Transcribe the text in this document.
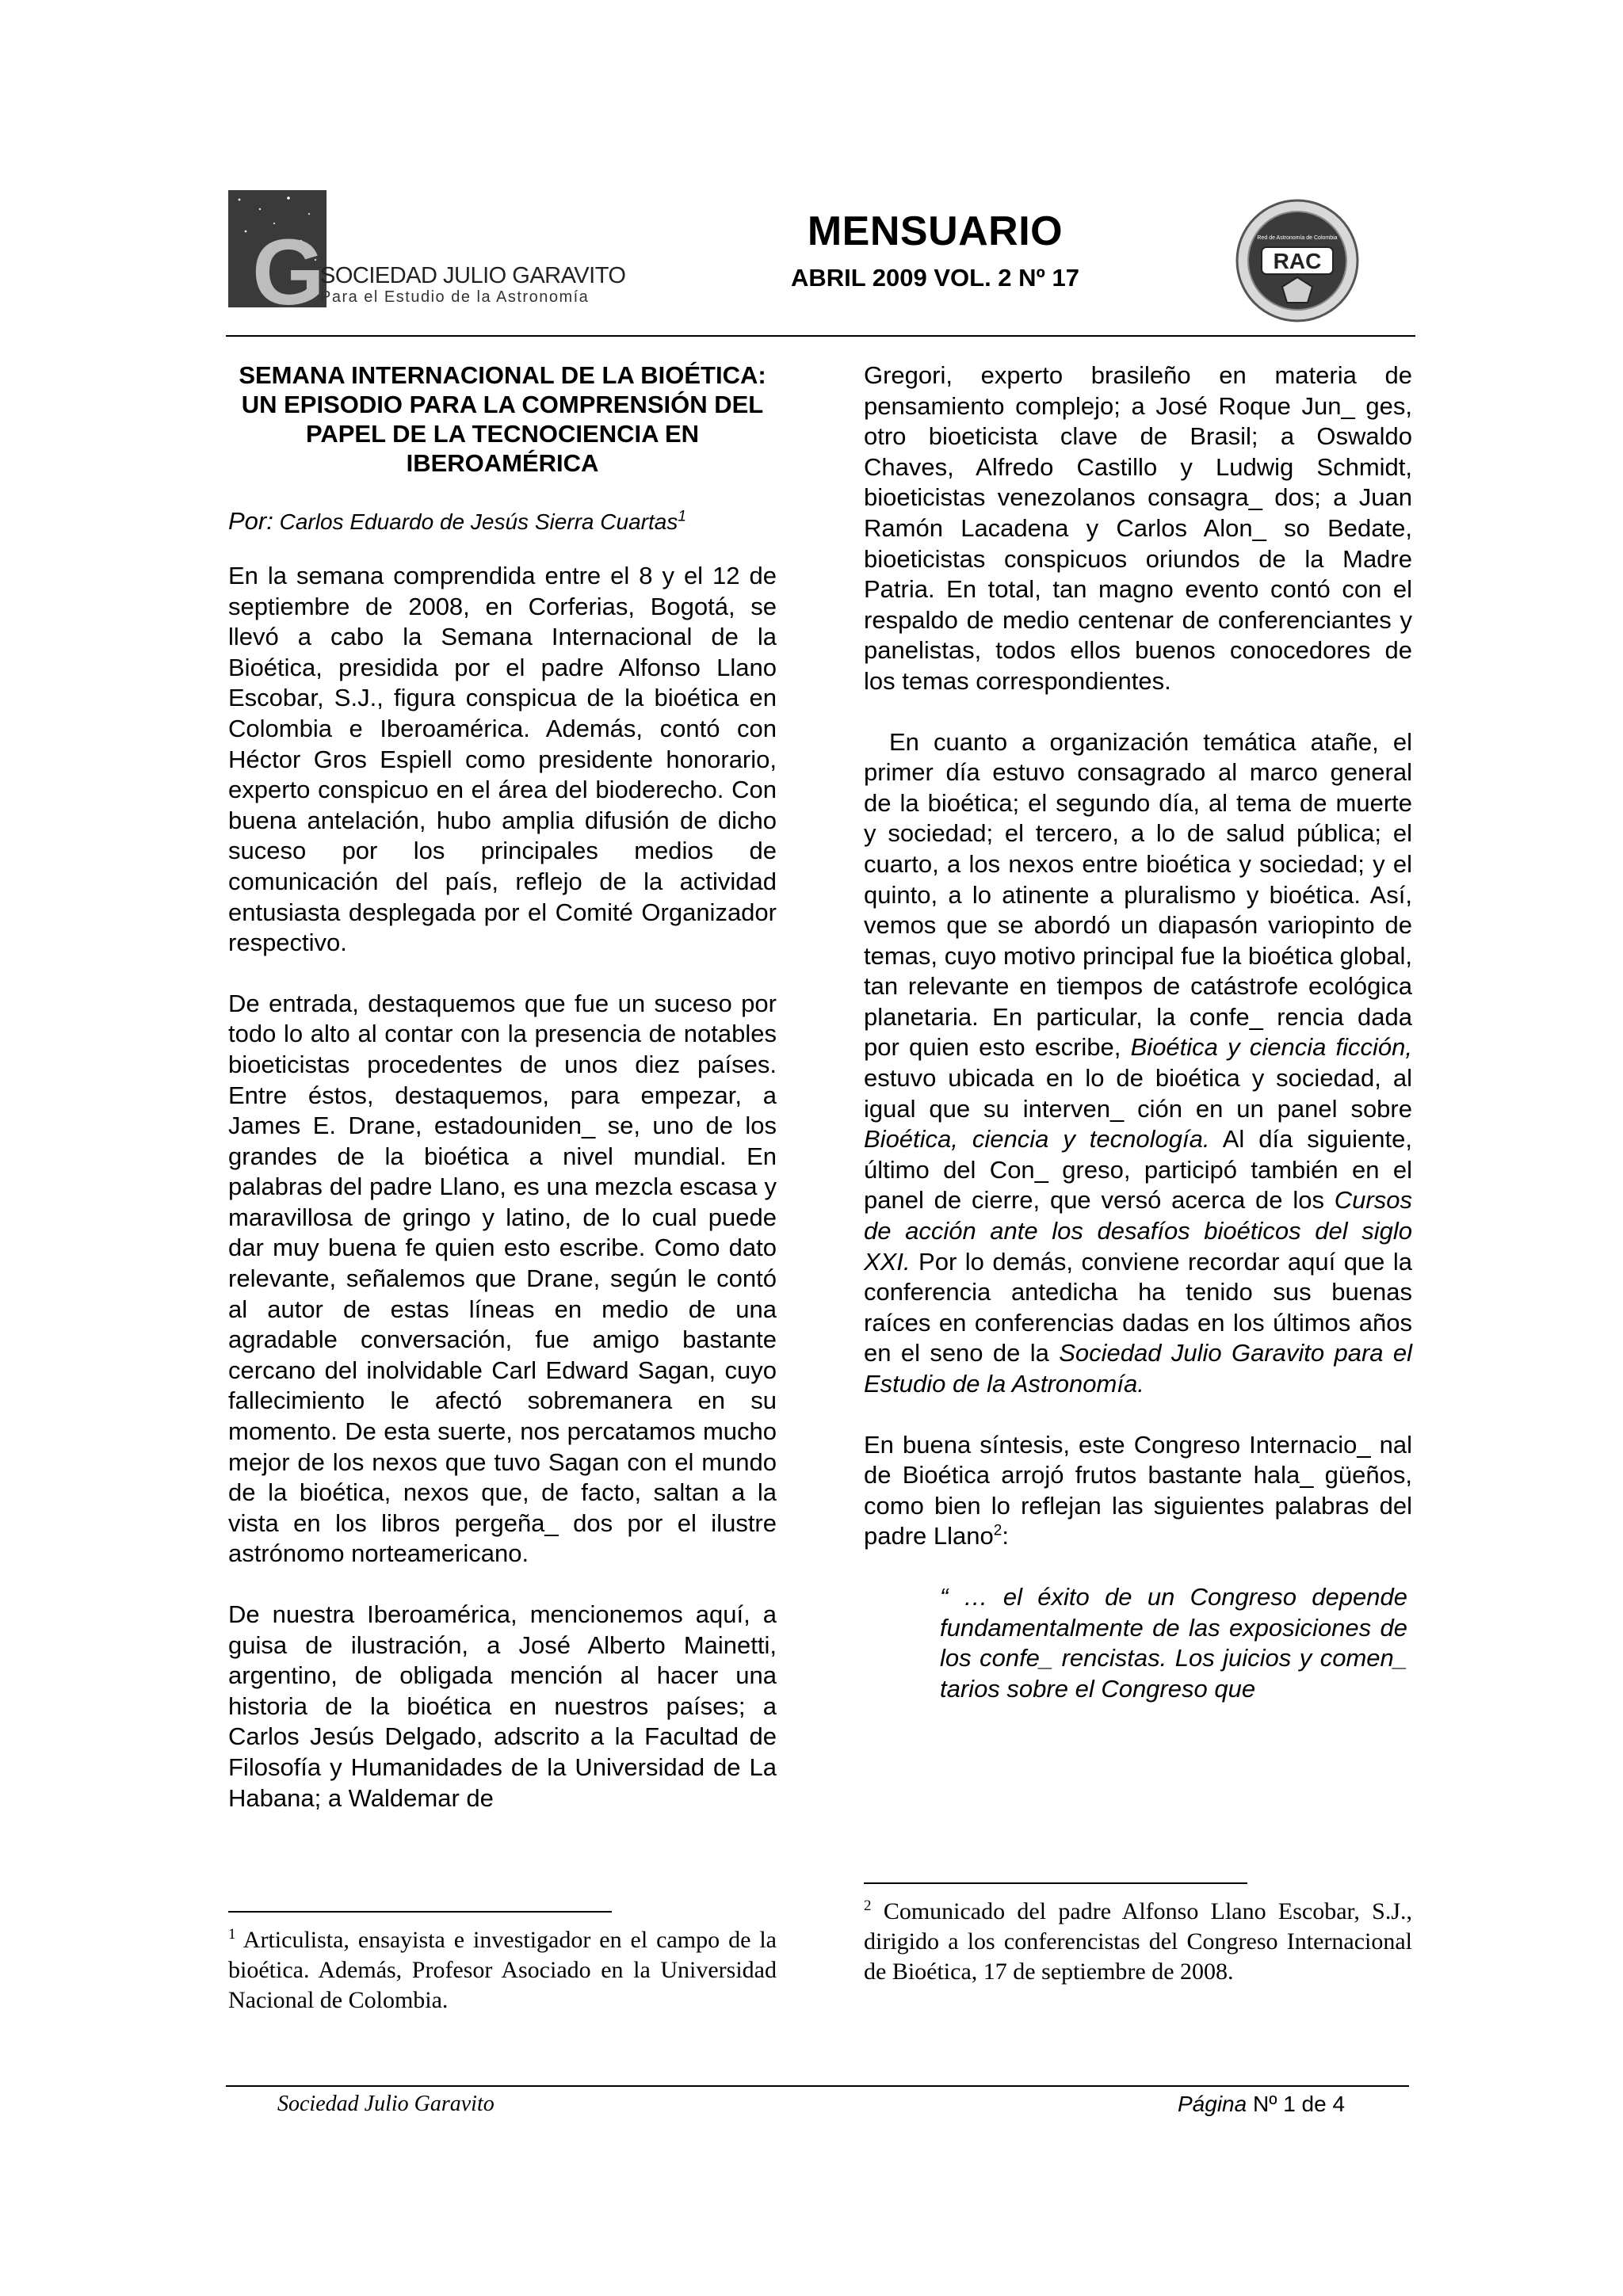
G
SOCIEDAD JULIO GARAVITO
Para el Estudio de la Astronomía
MENSUARIO
ABRIL 2009 VOL. 2 Nº 17
Red de Astronomía de Colombia
RAC
SEMANA INTERNACIONAL DE LA BIOÉTICA: UN EPISODIO PARA LA COMPRENSIÓN DEL PAPEL DE LA TECNOCIENCIA EN IBEROAMÉRICA

Por: Carlos Eduardo de Jesús Sierra Cuartas$^1$

En la semana comprendida entre el 8 y el 12 de septiembre de 2008, en Corferias, Bogotá, se llevó a cabo la Semana Internacional de la Bioética, presidida por el padre Alfonso Llano Escobar, S.J., figura conspicua de la bioética en Colombia e Iberoamérica. Además, contó con Héctor Gros Espiell como presidente honorario, experto conspicuo en el área del bioderecho. Con buena antelación, hubo amplia difusión de dicho suceso por los principales medios de comunicación del país, reflejo de la actividad entusiasta desplegada por el Comité Organizador respectivo.

De entrada, destaquemos que fue un suceso por todo lo alto al contar con la presencia de notables bioeticistas procedentes de unos diez países. Entre éstos, destaquemos, para empezar, a James E. Drane, estadouniden_ se, uno de los grandes de la bioética a nivel mundial. En palabras del padre Llano, es una mezcla escasa y maravillosa de gringo y latino, de lo cual puede dar muy buena fe quien esto escribe. Como dato relevante, señalemos que Drane, según le contó al autor de estas líneas en medio de una agradable conversación, fue amigo bastante cercano del inolvidable Carl Edward Sagan, cuyo fallecimiento le afectó sobremanera en su momento. De esta suerte, nos percatamos mucho mejor de los nexos que tuvo Sagan con el mundo de la bioética, nexos que, de facto, saltan a la vista en los libros pergeña_ dos por el ilustre astrónomo norteamericano.

De nuestra Iberoamérica, mencionemos aquí, a guisa de ilustración, a José Alberto Mainetti, argentino, de obligada mención al hacer una historia de la bioética en nuestros países; a Carlos Jesús Delgado, adscrito a la Facultad de Filosofía y Humanidades de la Universidad de La Habana; a Waldemar de

Gregori, experto brasileño en materia de pensamiento complejo; a José Roque Jun_ ges, otro bioeticista clave de Brasil; a Oswaldo Chaves, Alfredo Castillo y Ludwig Schmidt, bioeticistas venezolanos consagra_ dos; a Juan Ramón Lacadena y Carlos Alon_ so Bedate, bioeticistas conspicuos oriundos de la Madre Patria. En total, tan magno evento contó con el respaldo de medio centenar de conferenciantes y panelistas, todos ellos buenos conocedores de los temas correspondientes.

En cuanto a organización temática atañe, el primer día estuvo consagrado al marco general de la bioética; el segundo día, al tema de muerte y sociedad; el tercero, a lo de salud pública; el cuarto, a los nexos entre bioética y sociedad; y el quinto, a lo atinente a pluralismo y bioética. Así, vemos que se abordó un diapasón variopinto de temas, cuyo motivo principal fue la bioética global, tan relevante en tiempos de catástrofe ecológica planetaria. En particular, la confe_ rencia dada por quien esto escribe, Bioética y ciencia ficción, estuvo ubicada en lo de bioética y sociedad, al igual que su interven_ ción en un panel sobre Bioética, ciencia y tecnología. Al día siguiente, último del Con_ greso, participó también en el panel de cierre, que versó acerca de los Cursos de acción ante los desafíos bioéticos del siglo XXI. Por lo demás, conviene recordar aquí que la conferencia antedicha ha tenido sus buenas raíces en conferencias dadas en los últimos años en el seno de la Sociedad Julio Garavito para el Estudio de la Astronomía.

En buena síntesis, este Congreso Internacio_ nal de Bioética arrojó frutos bastante hala_ güeños, como bien lo reflejan las siguientes palabras del padre Llano$^2$:

“ … el éxito de un Congreso depende fundamentalmente de las exposiciones de los confe_ rencistas. Los juicios y comen_ tarios sobre el Congreso que

$^1$ Articulista, ensayista e investigador en el campo de la bioética. Además, Profesor Asociado en la Universidad Nacional de Colombia.
$^2$ Comunicado del padre Alfonso Llano Escobar, S.J., dirigido a los conferencistas del Congreso Internacional de Bioética, 17 de septiembre de 2008.
Sociedad Julio Garavito	Página Nº 1 de 4
